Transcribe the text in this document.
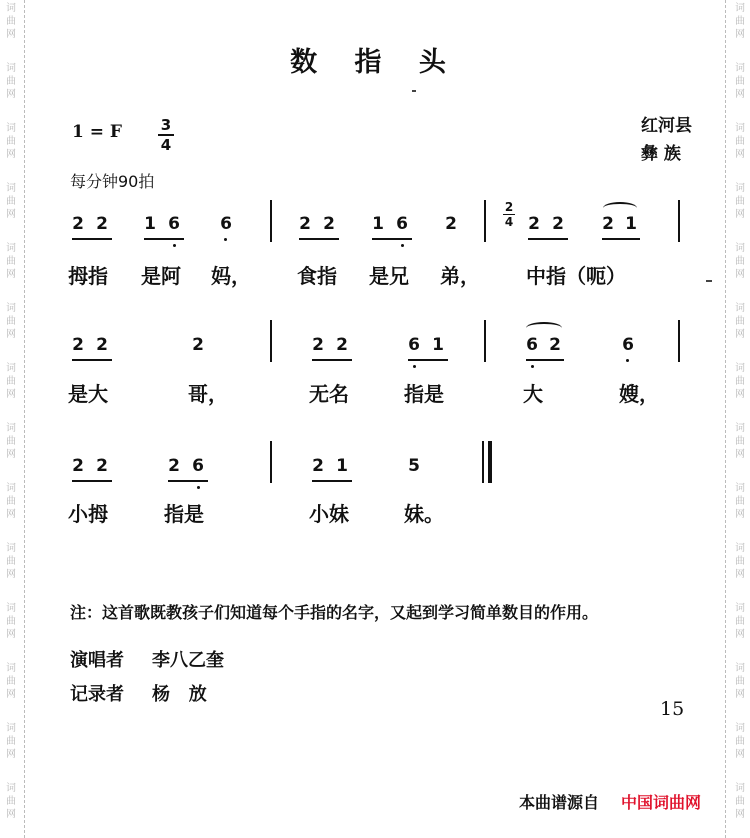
词曲网
词曲网
词曲网
词曲网
词曲网
词曲网
词曲网
词曲网
词曲网
词曲网
词曲网
词曲网
词曲网
词曲网
词曲网
词曲网
词曲网
词曲网
词曲网
词曲网
词曲网
词曲网
词曲网
词曲网
词曲网
词曲网
词曲网
词曲网
数 指 头
1 = F	3
4
每分钟90拍
红河县
彝 族
2 2 1 6 6	2 2 1 6 2
2
4 2 2 2 1
拇指 是阿 妈， 食指 是兄 弟， 中指（呃）
2 2	2	2 2	6 1	6 2	6
是大	哥，	无名	指是	大	嫂，
2 2	2 6	2 1	5
小拇	指是	小妹	妹。
注：这首歌既教孩子们知道每个手指的名字，又起到学习简单数目的作用。
演唱者 李八乙奎
记录者 杨   放
15
本曲谱源自 中国词曲网
